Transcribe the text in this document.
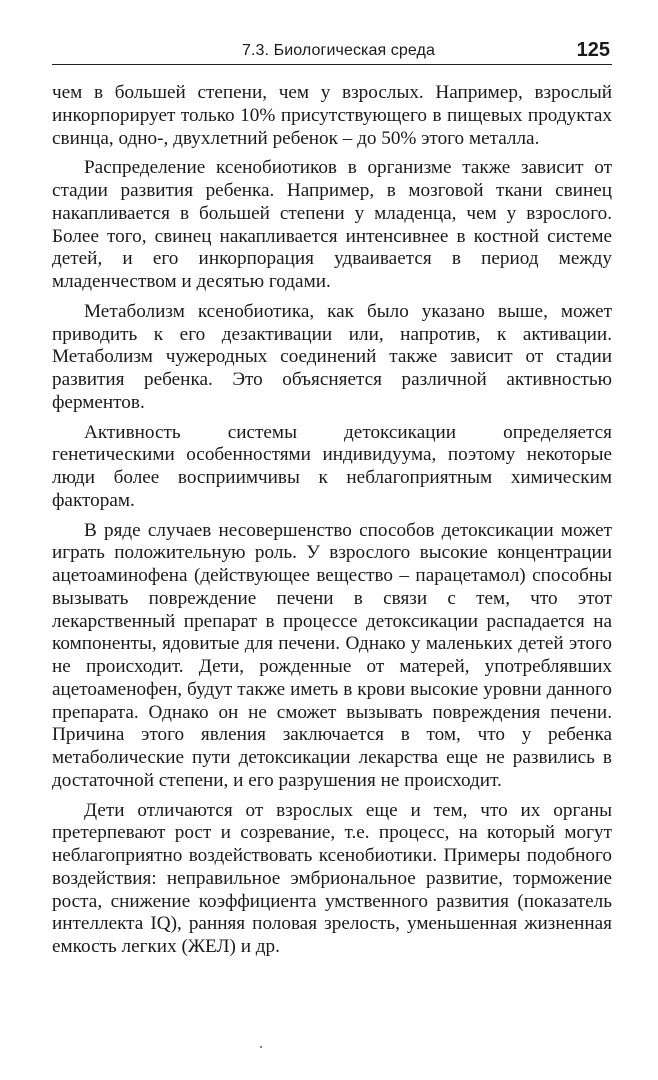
7.3. Биологическая среда	125

чем в большей степени, чем у взрослых. Например, взрослый инкорпорирует только 10% присутствующего в пищевых продуктах свинца, одно-, двухлетний ребенок – до 50% этого металла.

Распределение ксенобиотиков в организме также зависит от стадии развития ребенка. Например, в мозговой ткани свинец накапливается в большей степени у младенца, чем у взрослого. Более того, свинец накапливается интенсивнее в костной системе детей, и его инкорпорация удваивается в период между младенчеством и десятью годами.

Метаболизм ксенобиотика, как было указано выше, может приводить к его дезактивации или, напротив, к активации. Метаболизм чужеродных соединений также зависит от стадии развития ребенка. Это объясняется различной активностью ферментов.

Активность системы детоксикации определяется генетическими особенностями индивидуума, поэтому некоторые люди более восприимчивы к неблагоприятным химическим факторам.

В ряде случаев несовершенство способов детоксикации может играть положительную роль. У взрослого высокие концентрации ацетоаминофена (действующее вещество – парацетамол) способны вызывать повреждение печени в связи с тем, что этот лекарственный препарат в процессе детоксикации распадается на компоненты, ядовитые для печени. Однако у маленьких детей этого не происходит. Дети, рожденные от матерей, употреблявших ацетоаменофен, будут также иметь в крови высокие уровни данного препарата. Однако он не сможет вызывать повреждения печени. Причина этого явления заключается в том, что у ребенка метаболические пути детоксикации лекарства еще не развились в достаточной степени, и его разрушения не происходит.

Дети отличаются от взрослых еще и тем, что их органы претерпевают рост и созревание, т.е. процесс, на который могут неблагоприятно воздействовать ксенобиотики. Примеры подобного воздействия: неправильное эмбриональное развитие, торможение роста, снижение коэффициента умственного развития (показатель интеллекта IQ), ранняя половая зрелость, уменьшенная жизненная емкость легких (ЖЕЛ) и др.
